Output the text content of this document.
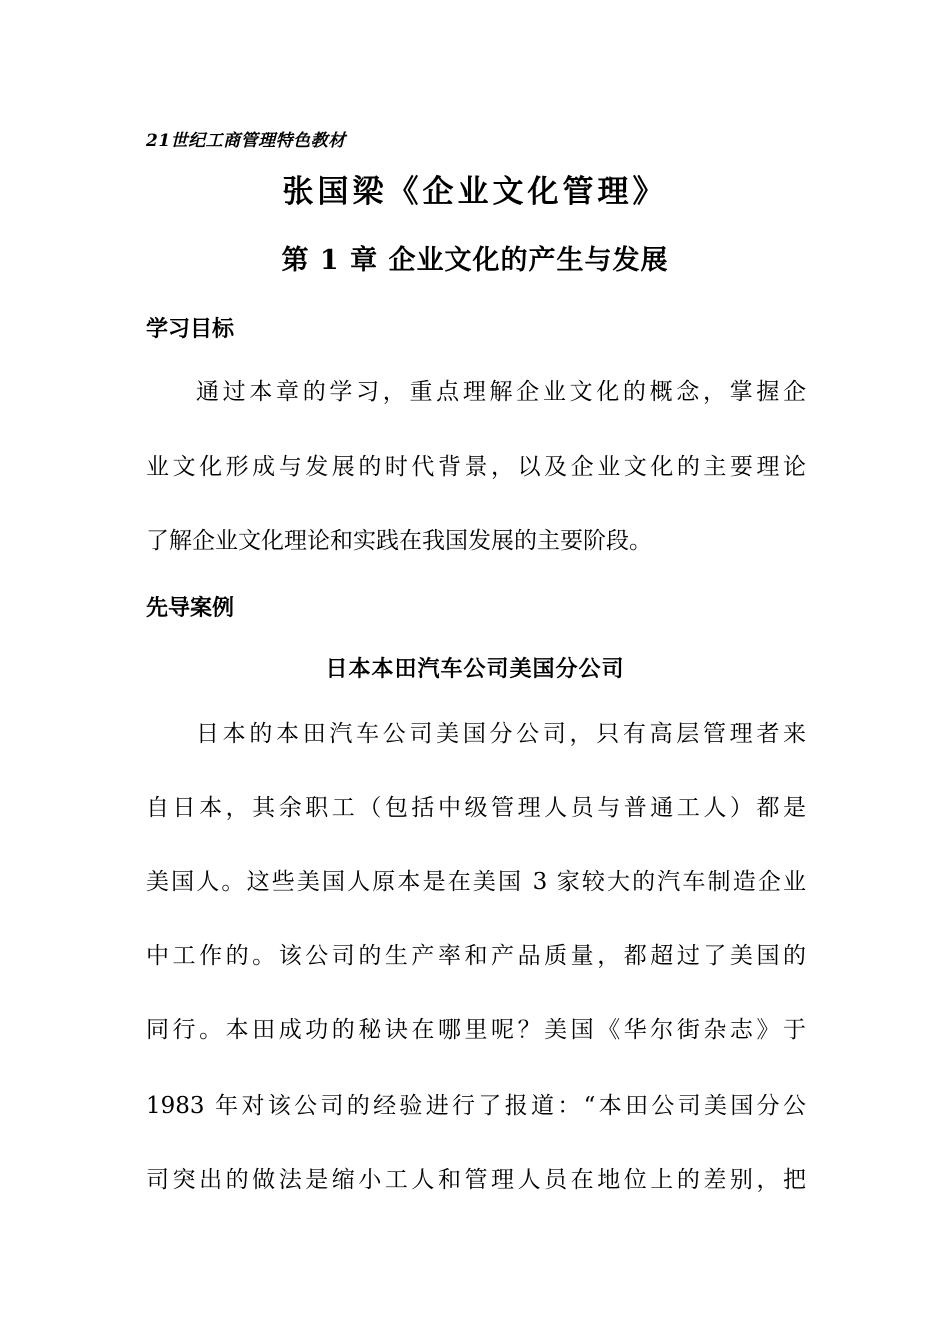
21世纪工商管理特色教材
张国梁《企业文化管理》
第 1 章 企业文化的产生与发展
学习目标
通过本章的学习，重点理解企业文化的概念，掌握企
业文化形成与发展的时代背景，以及企业文化的主要理论
了解企业文化理论和实践在我国发展的主要阶段。
先导案例
日本本田汽车公司美国分公司
日本的本田汽车公司美国分公司，只有高层管理者来
自日本，其余职工（包括中级管理人员与普通工人）都是
美国人。这些美国人原本是在美国 3 家较大的汽车制造企业
中工作的。该公司的生产率和产品质量，都超过了美国的
同行。本田成功的秘诀在哪里呢？美国《华尔街杂志》于
1983 年对该公司的经验进行了报道：“本田公司美国分公
司突出的做法是缩小工人和管理人员在地位上的差别，把
